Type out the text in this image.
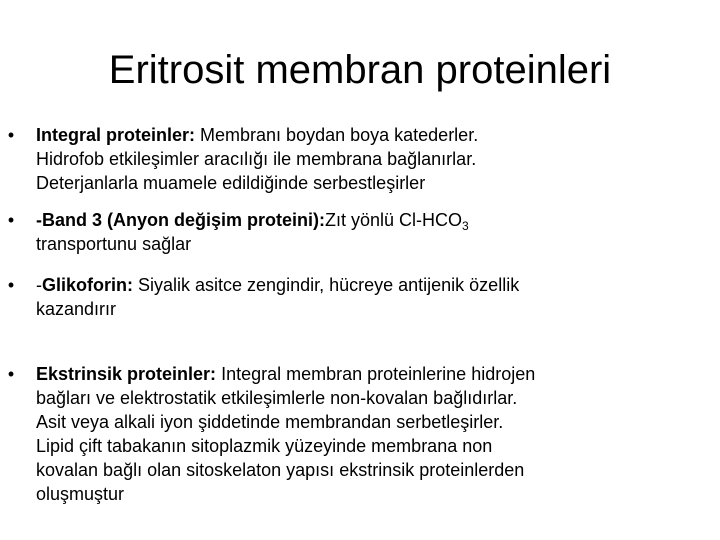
Eritrosit membran proteinleri
• Integral proteinler: Membranı boydan boya katederler.
Hidrofob etkileşimler aracılığı ile membrana bağlanırlar.
Deterjanlarla muamele edildiğinde serbestleşirler
• -Band 3 (Anyon değişim proteini):Zıt yönlü $Cl-HCO_3$
transportunu sağlar
• -Glikoforin: Siyalik asitce zengindir, hücreye antijenik özellik
kazandırır
• Ekstrinsik proteinler: Integral membran proteinlerine hidrojen
bağları ve elektrostatik etkileşimlerle non-kovalan bağlıdırlar.
Asit veya alkali iyon şiddetinde membrandan serbetleşirler.
Lipid çift tabakanın sitoplazmik yüzeyinde membrana non
kovalan bağlı olan sitoskelaton yapısı ekstrinsik proteinlerden
oluşmuştur
